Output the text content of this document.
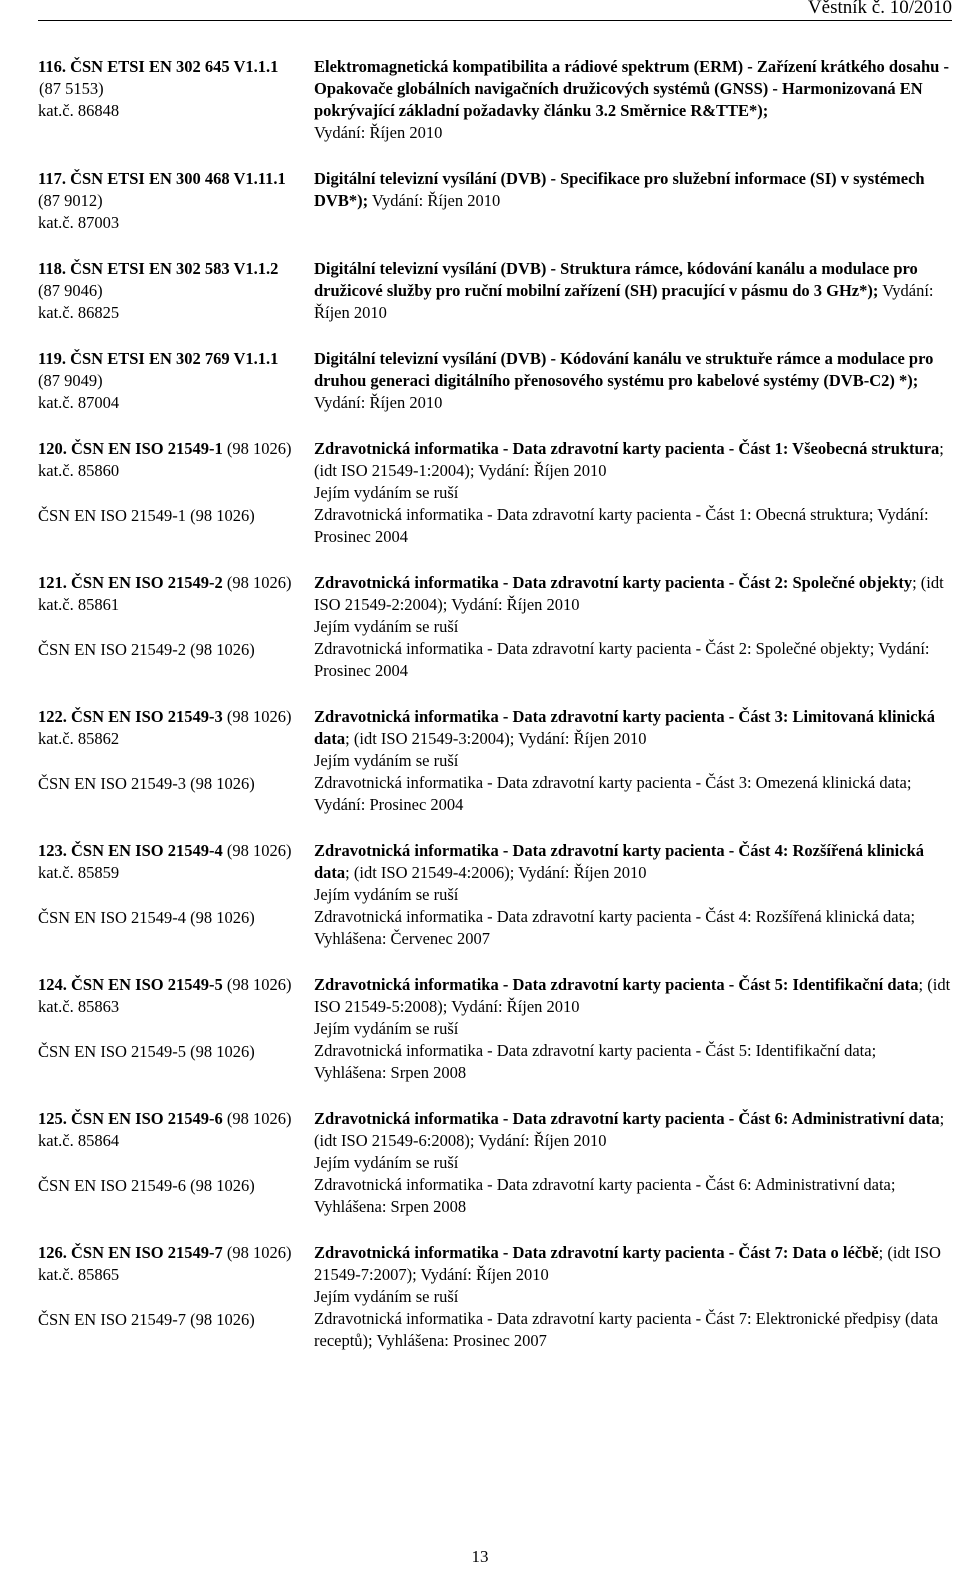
Věstník č. 10/2010
116. ČSN ETSI EN 302 645 V1.1.1
(87 5153)
kat.č. 86848
Elektromagnetická kompatibilita a rádiové spektrum (ERM) - Zařízení krátkého dosahu - Opakovače globálních navigačních družicových systémů (GNSS) - Harmonizovaná EN pokrývající základní požadavky článku 3.2 Směrnice R&TTE*);
Vydání: Říjen 2010
117. ČSN ETSI EN 300 468 V1.11.1
(87 9012)
kat.č. 87003
Digitální televizní vysílání (DVB) - Specifikace pro služební informace (SI) v systémech DVB*); Vydání: Říjen 2010
118. ČSN ETSI EN 302 583 V1.1.2
(87 9046)
kat.č. 86825
Digitální televizní vysílání (DVB) - Struktura rámce, kódování kanálu a modulace pro družicové služby pro ruční mobilní zařízení (SH) pracující v pásmu do 3 GHz*); Vydání: Říjen 2010
119. ČSN ETSI EN 302 769 V1.1.1
(87 9049)
kat.č. 87004
Digitální televizní vysílání (DVB) - Kódování kanálu ve struktuře rámce a modulace pro druhou generaci digitálního přenosového systému pro kabelové systémy (DVB-C2) *); Vydání: Říjen 2010
120. ČSN EN ISO 21549-1 (98 1026)
kat.č. 85860
ČSN EN ISO 21549-1 (98 1026)
Zdravotnická informatika - Data zdravotní karty pacienta - Část 1: Všeobecná struktura; (idt ISO 21549-1:2004); Vydání: Říjen 2010
Jejím vydáním se ruší
Zdravotnická informatika - Data zdravotní karty pacienta - Část 1: Obecná struktura; Vydání: Prosinec 2004
121. ČSN EN ISO 21549-2 (98 1026)
kat.č. 85861
ČSN EN ISO 21549-2 (98 1026)
Zdravotnická informatika - Data zdravotní karty pacienta - Část 2: Společné objekty; (idt ISO 21549-2:2004); Vydání: Říjen 2010
Jejím vydáním se ruší
Zdravotnická informatika - Data zdravotní karty pacienta - Část 2: Společné objekty; Vydání: Prosinec 2004
122. ČSN EN ISO 21549-3 (98 1026)
kat.č. 85862
ČSN EN ISO 21549-3 (98 1026)
Zdravotnická informatika - Data zdravotní karty pacienta - Část 3: Limitovaná klinická data; (idt ISO 21549-3:2004); Vydání: Říjen 2010
Jejím vydáním se ruší
Zdravotnická informatika - Data zdravotní karty pacienta - Část 3: Omezená klinická data; Vydání: Prosinec 2004
123. ČSN EN ISO 21549-4 (98 1026)
kat.č. 85859
ČSN EN ISO 21549-4 (98 1026)
Zdravotnická informatika - Data zdravotní karty pacienta - Část 4: Rozšířená klinická data; (idt ISO 21549-4:2006); Vydání: Říjen 2010
Jejím vydáním se ruší
Zdravotnická informatika - Data zdravotní karty pacienta - Část 4: Rozšířená klinická data; Vyhlášena: Červenec 2007
124. ČSN EN ISO 21549-5 (98 1026)
kat.č. 85863
ČSN EN ISO 21549-5 (98 1026)
Zdravotnická informatika - Data zdravotní karty pacienta - Část 5: Identifikační data; (idt ISO 21549-5:2008); Vydání: Říjen 2010
Jejím vydáním se ruší
Zdravotnická informatika - Data zdravotní karty pacienta - Část 5: Identifikační data; Vyhlášena: Srpen 2008
125. ČSN EN ISO 21549-6 (98 1026)
kat.č. 85864
ČSN EN ISO 21549-6 (98 1026)
Zdravotnická informatika - Data zdravotní karty pacienta - Část 6: Administrativní data; (idt ISO 21549-6:2008); Vydání: Říjen 2010
Jejím vydáním se ruší
Zdravotnická informatika - Data zdravotní karty pacienta - Část 6: Administrativní data; Vyhlášena: Srpen 2008
126. ČSN EN ISO 21549-7 (98 1026)
kat.č. 85865
ČSN EN ISO 21549-7 (98 1026)
Zdravotnická informatika - Data zdravotní karty pacienta - Část 7: Data o léčbě; (idt ISO 21549-7:2007); Vydání: Říjen 2010
Jejím vydáním se ruší
Zdravotnická informatika - Data zdravotní karty pacienta - Část 7: Elektronické předpisy (data receptů); Vyhlášena: Prosinec 2007
13
